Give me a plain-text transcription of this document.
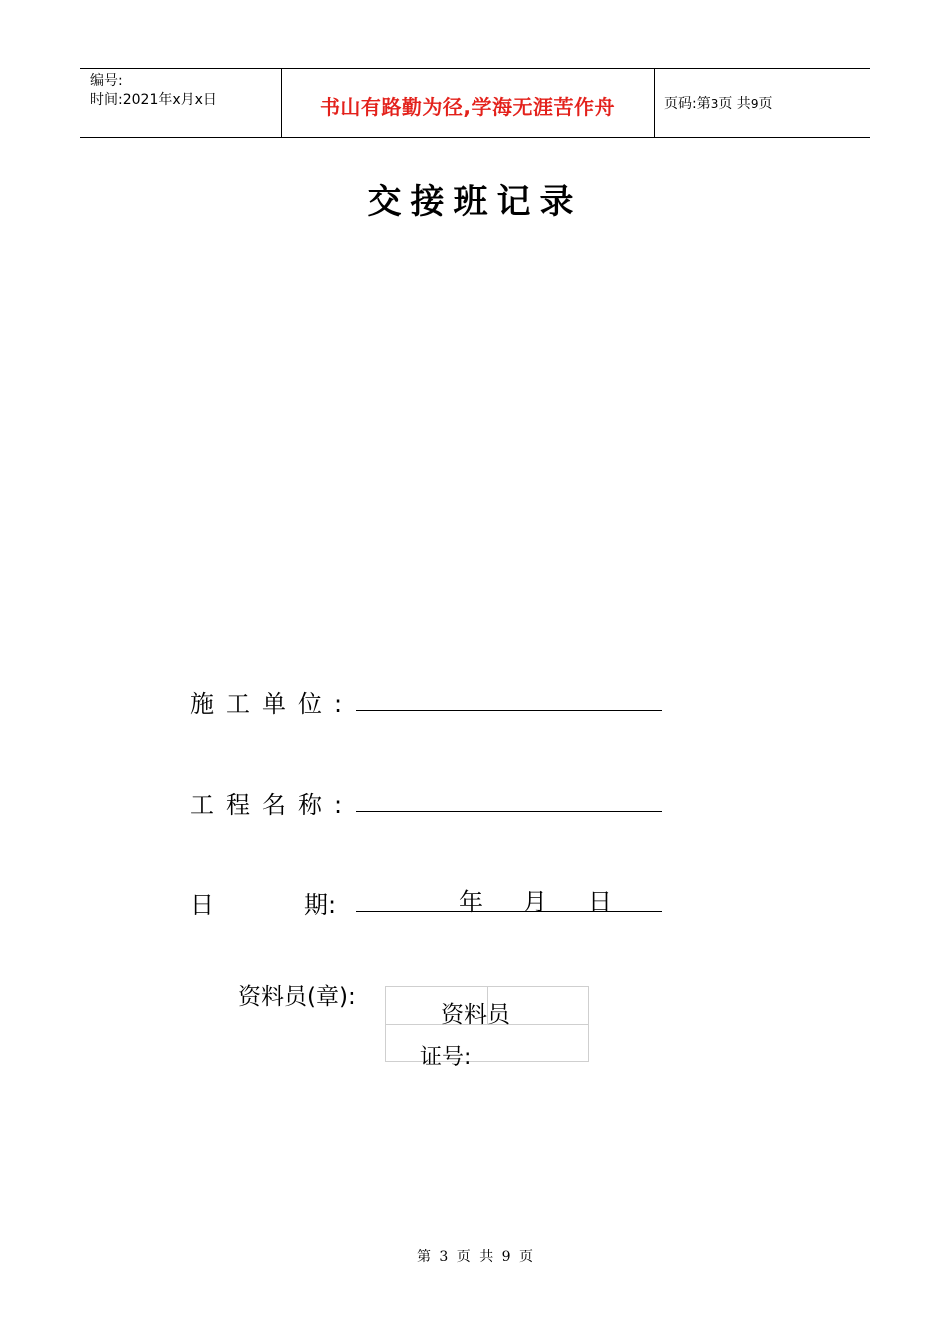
编号:
时间:2021年x月x日	书山有路勤为径,学海无涯苦作舟	页码:第3页 共9页
交接班记录
施工单位:
工程名称:
日	期:	年 月 日
资料员(章):
资料员
证号:
第 3 页 共 9 页
